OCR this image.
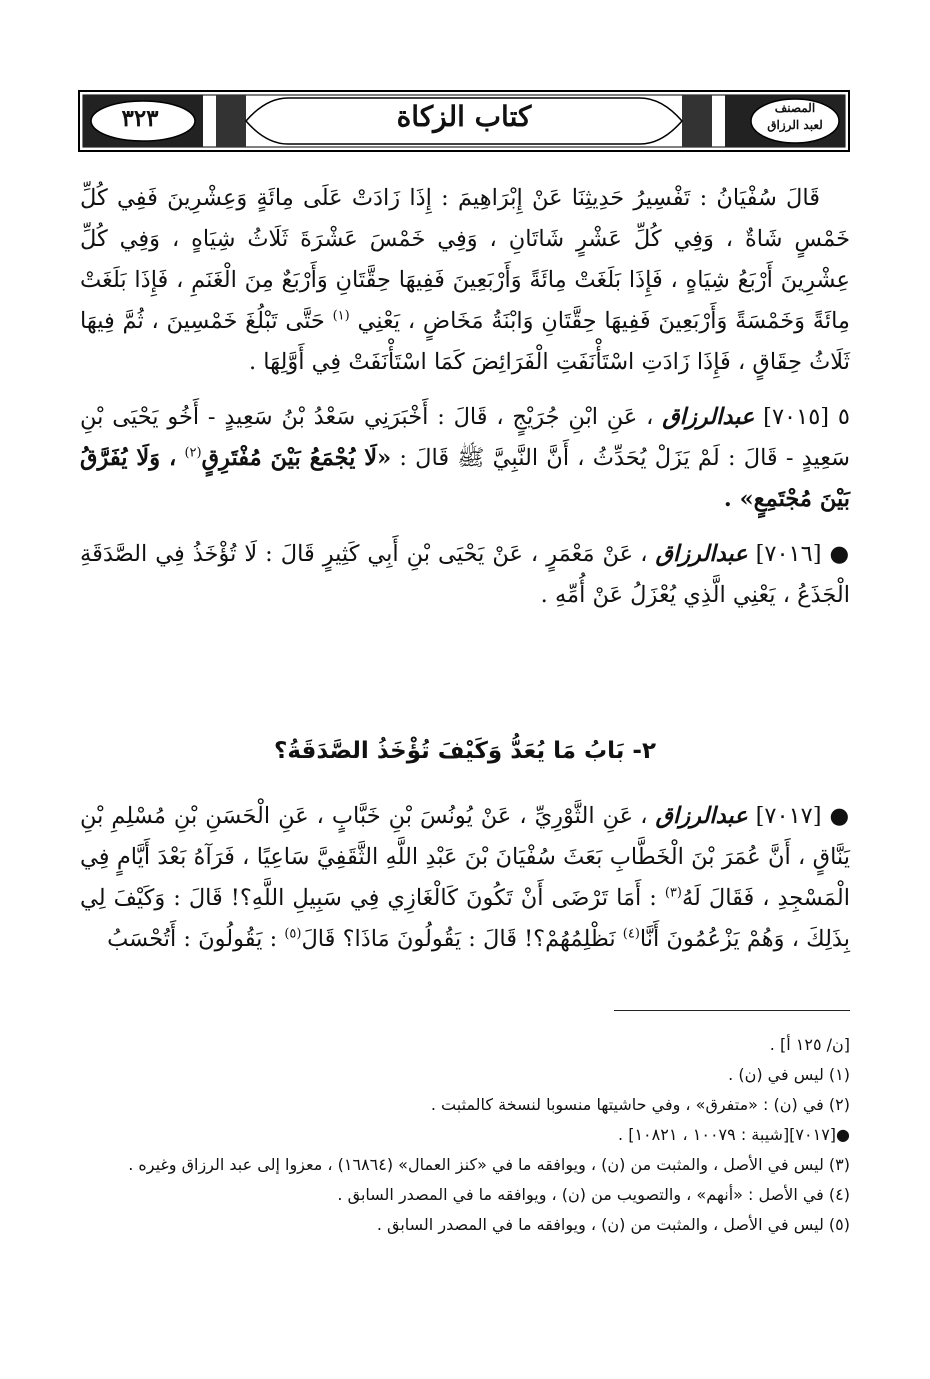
كتاب الزكاة
٣٢٣	المصنف
لعبد الرزاق

قَالَ سُفْيَانُ : تَفْسِيرُ حَدِيثِنَا عَنْ إِبْرَاهِيمَ : إِذَا زَادَتْ عَلَى مِائَةٍ وَعِشْرِينَ فَفِي كُلِّ خَمْسٍ شَاةٌ ، وَفِي كُلِّ عَشْرٍ شَاتَانِ ، وَفِي خَمْسَ عَشْرَةَ ثَلَاثُ شِيَاهٍ ، وَفِي كُلِّ عِشْرِينَ أَرْبَعُ شِيَاهٍ ، فَإِذَا بَلَغَتْ مِائَةً وَأَرْبَعِينَ فَفِيهَا حِقَّتَانِ وَأَرْبَعٌ مِنَ الْغَنَمِ ، فَإِذَا بَلَغَتْ مِائَةً وَخَمْسَةً وَأَرْبَعِينَ فَفِيهَا حِقَّتَانِ وَابْنَةُ مَخَاضٍ ، يَعْنِي $^{(١)}$ حَتَّى تَبْلُغَ خَمْسِينَ ، ثُمَّ فِيهَا ثَلَاثُ حِقَاقٍ ، فَإِذَا زَادَتِ اسْتَأْنَفَتِ الْفَرَائِضَ كَمَا اسْتَأْنَفَتْ فِي أَوَّلِهَا .

٥ [٧٠١٥] عبدالرزاق ، عَنِ ابْنِ جُرَيْجٍ ، قَالَ : أَخْبَرَنِي سَعْدُ بْنُ سَعِيدٍ - أَخُو يَحْيَى بْنِ سَعِيدٍ - قَالَ : لَمْ يَزَلْ يُحَدِّثُ ، أَنَّ النَّبِيَّ ﷺ قَالَ : «لَا يُجْمَعُ بَيْنَ مُفْتَرِقٍ$^{(٢)}$ ، وَلَا يُفَرَّقُ بَيْنَ مُجْتَمِعٍ» .

● [٧٠١٦] عبدالرزاق ، عَنْ مَعْمَرٍ ، عَنْ يَحْيَى بْنِ أَبِي كَثِيرٍ قَالَ : لَا تُؤْخَذُ فِي الصَّدَقَةِ الْجَذَعُ ، يَعْنِي الَّذِي يُعْزَلُ عَنْ أُمِّهِ .

٢- بَابُ مَا يُعَدُّ وَكَيْفَ تُؤْخَذُ الصَّدَقَةُ؟

● [٧٠١٧] عبدالرزاق ، عَنِ الثَّوْرِيِّ ، عَنْ يُونُسَ بْنِ خَبَّابٍ ، عَنِ الْحَسَنِ بْنِ مُسْلِمِ بْنِ يَنَّاقٍ ، أَنَّ عُمَرَ بْنَ الْخَطَّابِ بَعَثَ سُفْيَانَ بْنَ عَبْدِ اللَّهِ الثَّقَفِيَّ سَاعِيًا ، فَرَآهُ بَعْدَ أَيَّامٍ فِي الْمَسْجِدِ ، فَقَالَ لَهُ$^{(٣)}$ : أَمَا تَرْضَى أَنْ تَكُونَ كَالْغَازِي فِي سَبِيلِ اللَّهِ؟! قَالَ : وَكَيْفَ لِي بِذَلِكَ ، وَهُمْ يَزْعُمُونَ أَنَّا$^{(٤)}$ نَظْلِمُهُمْ؟! قَالَ : يَقُولُونَ مَاذَا؟ قَالَ$^{(٥)}$ : يَقُولُونَ : أَتُحْسَبُ

[ن/ ١٢٥ أ] .

(١) ليس في (ن) .

(٢) في (ن) : «متفرق» ، وفي حاشيتها منسوبا لنسخة كالمثبت .

●[٧٠١٧][شيبة : ١٠٠٧٩ ، ١٠٨٢١] .

(٣) ليس في الأصل ، والمثبت من (ن) ، ويوافقه ما في «كنز العمال» (١٦٨٦٤) ، معزوا إلى عبد الرزاق وغيره .

(٤) في الأصل : «أنهم» ، والتصويب من (ن) ، ويوافقه ما في المصدر السابق .

(٥) ليس في الأصل ، والمثبت من (ن) ، ويوافقه ما في المصدر السابق .
